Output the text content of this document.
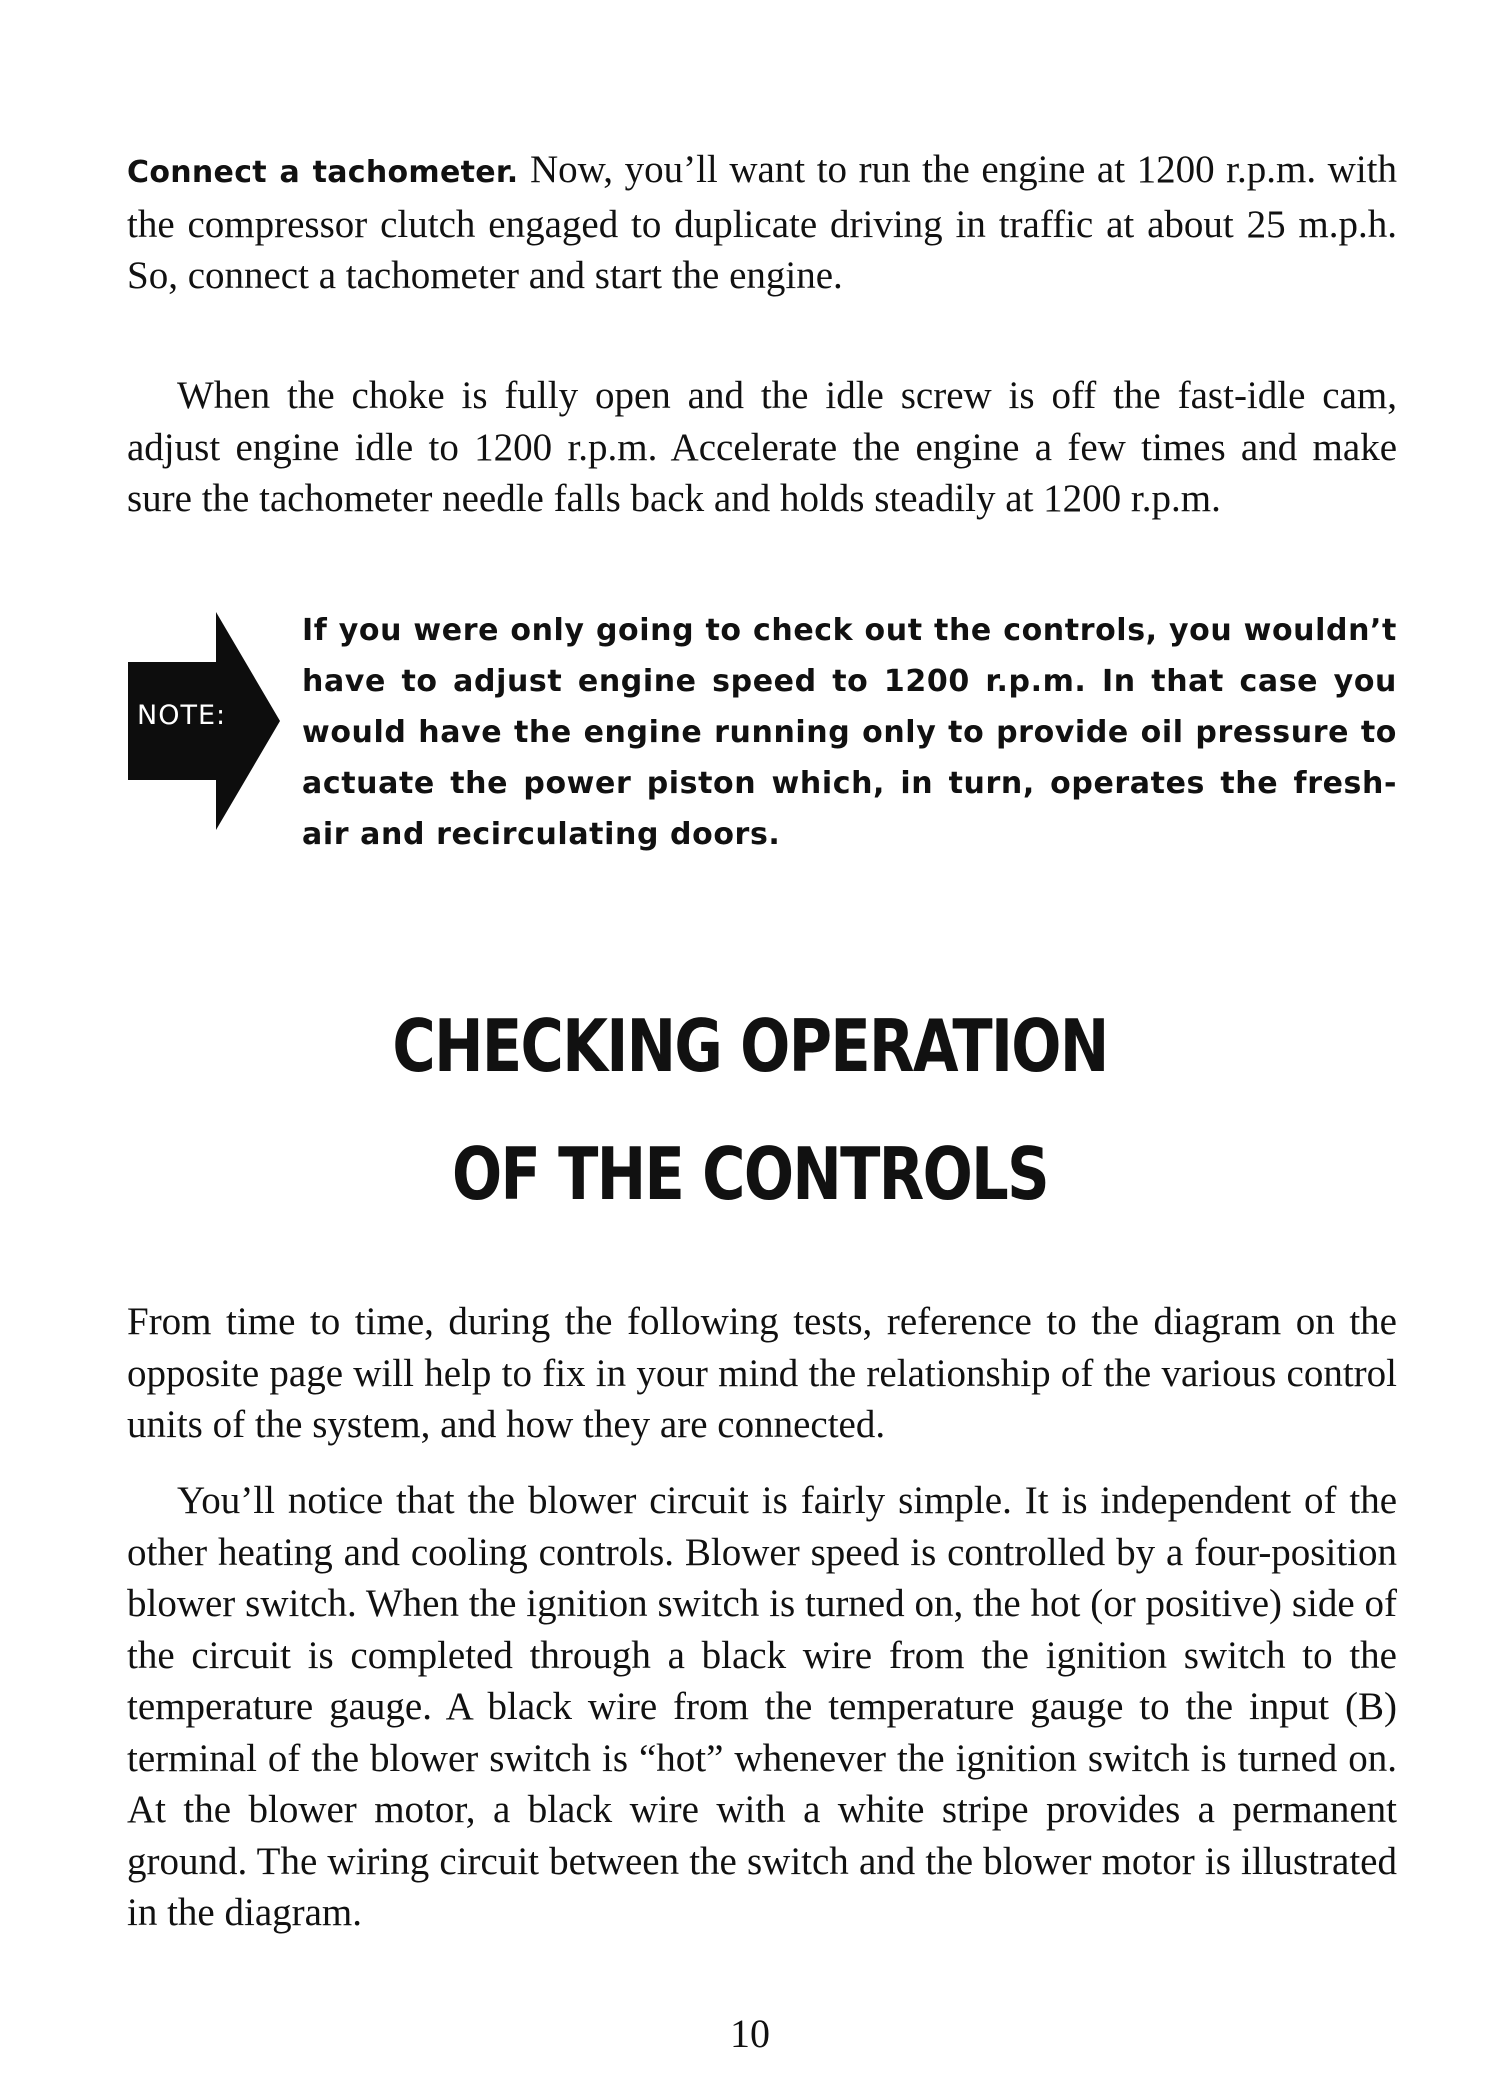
Connect a tachometer. Now, you’ll want to run the engine at 1200 r.p.m. with the compressor clutch engaged to duplicate driving in traffic at about 25 m.p.h. So, connect a tachometer and start the engine.

When the choke is fully open and the idle screw is off the fast-idle cam, adjust engine idle to 1200 r.p.m. Accelerate the engine a few times and make sure the tachometer needle falls back and holds steadily at 1200 r.p.m.

NOTE:

If you were only going to check out the controls, you wouldn’t have to adjust engine speed to 1200 r.p.m. In that case you would have the engine running only to provide oil pressure to actuate the power piston which, in turn, operates the fresh-air and recirculating doors.

CHECKING OPERATION
OF THE CONTROLS

From time to time, during the following tests, reference to the diagram on the opposite page will help to fix in your mind the relationship of the various control units of the system, and how they are connected.

You’ll notice that the blower circuit is fairly simple. It is independent of the other heating and cooling controls. Blower speed is controlled by a four-position blower switch. When the ignition switch is turned on, the hot (or positive) side of the circuit is completed through a black wire from the ignition switch to the temperature gauge. A black wire from the temperature gauge to the input (B) terminal of the blower switch is “hot” whenever the ignition switch is turned on. At the blower motor, a black wire with a white stripe provides a permanent ground. The wiring circuit between the switch and the blower motor is illustrated in the diagram.

10
